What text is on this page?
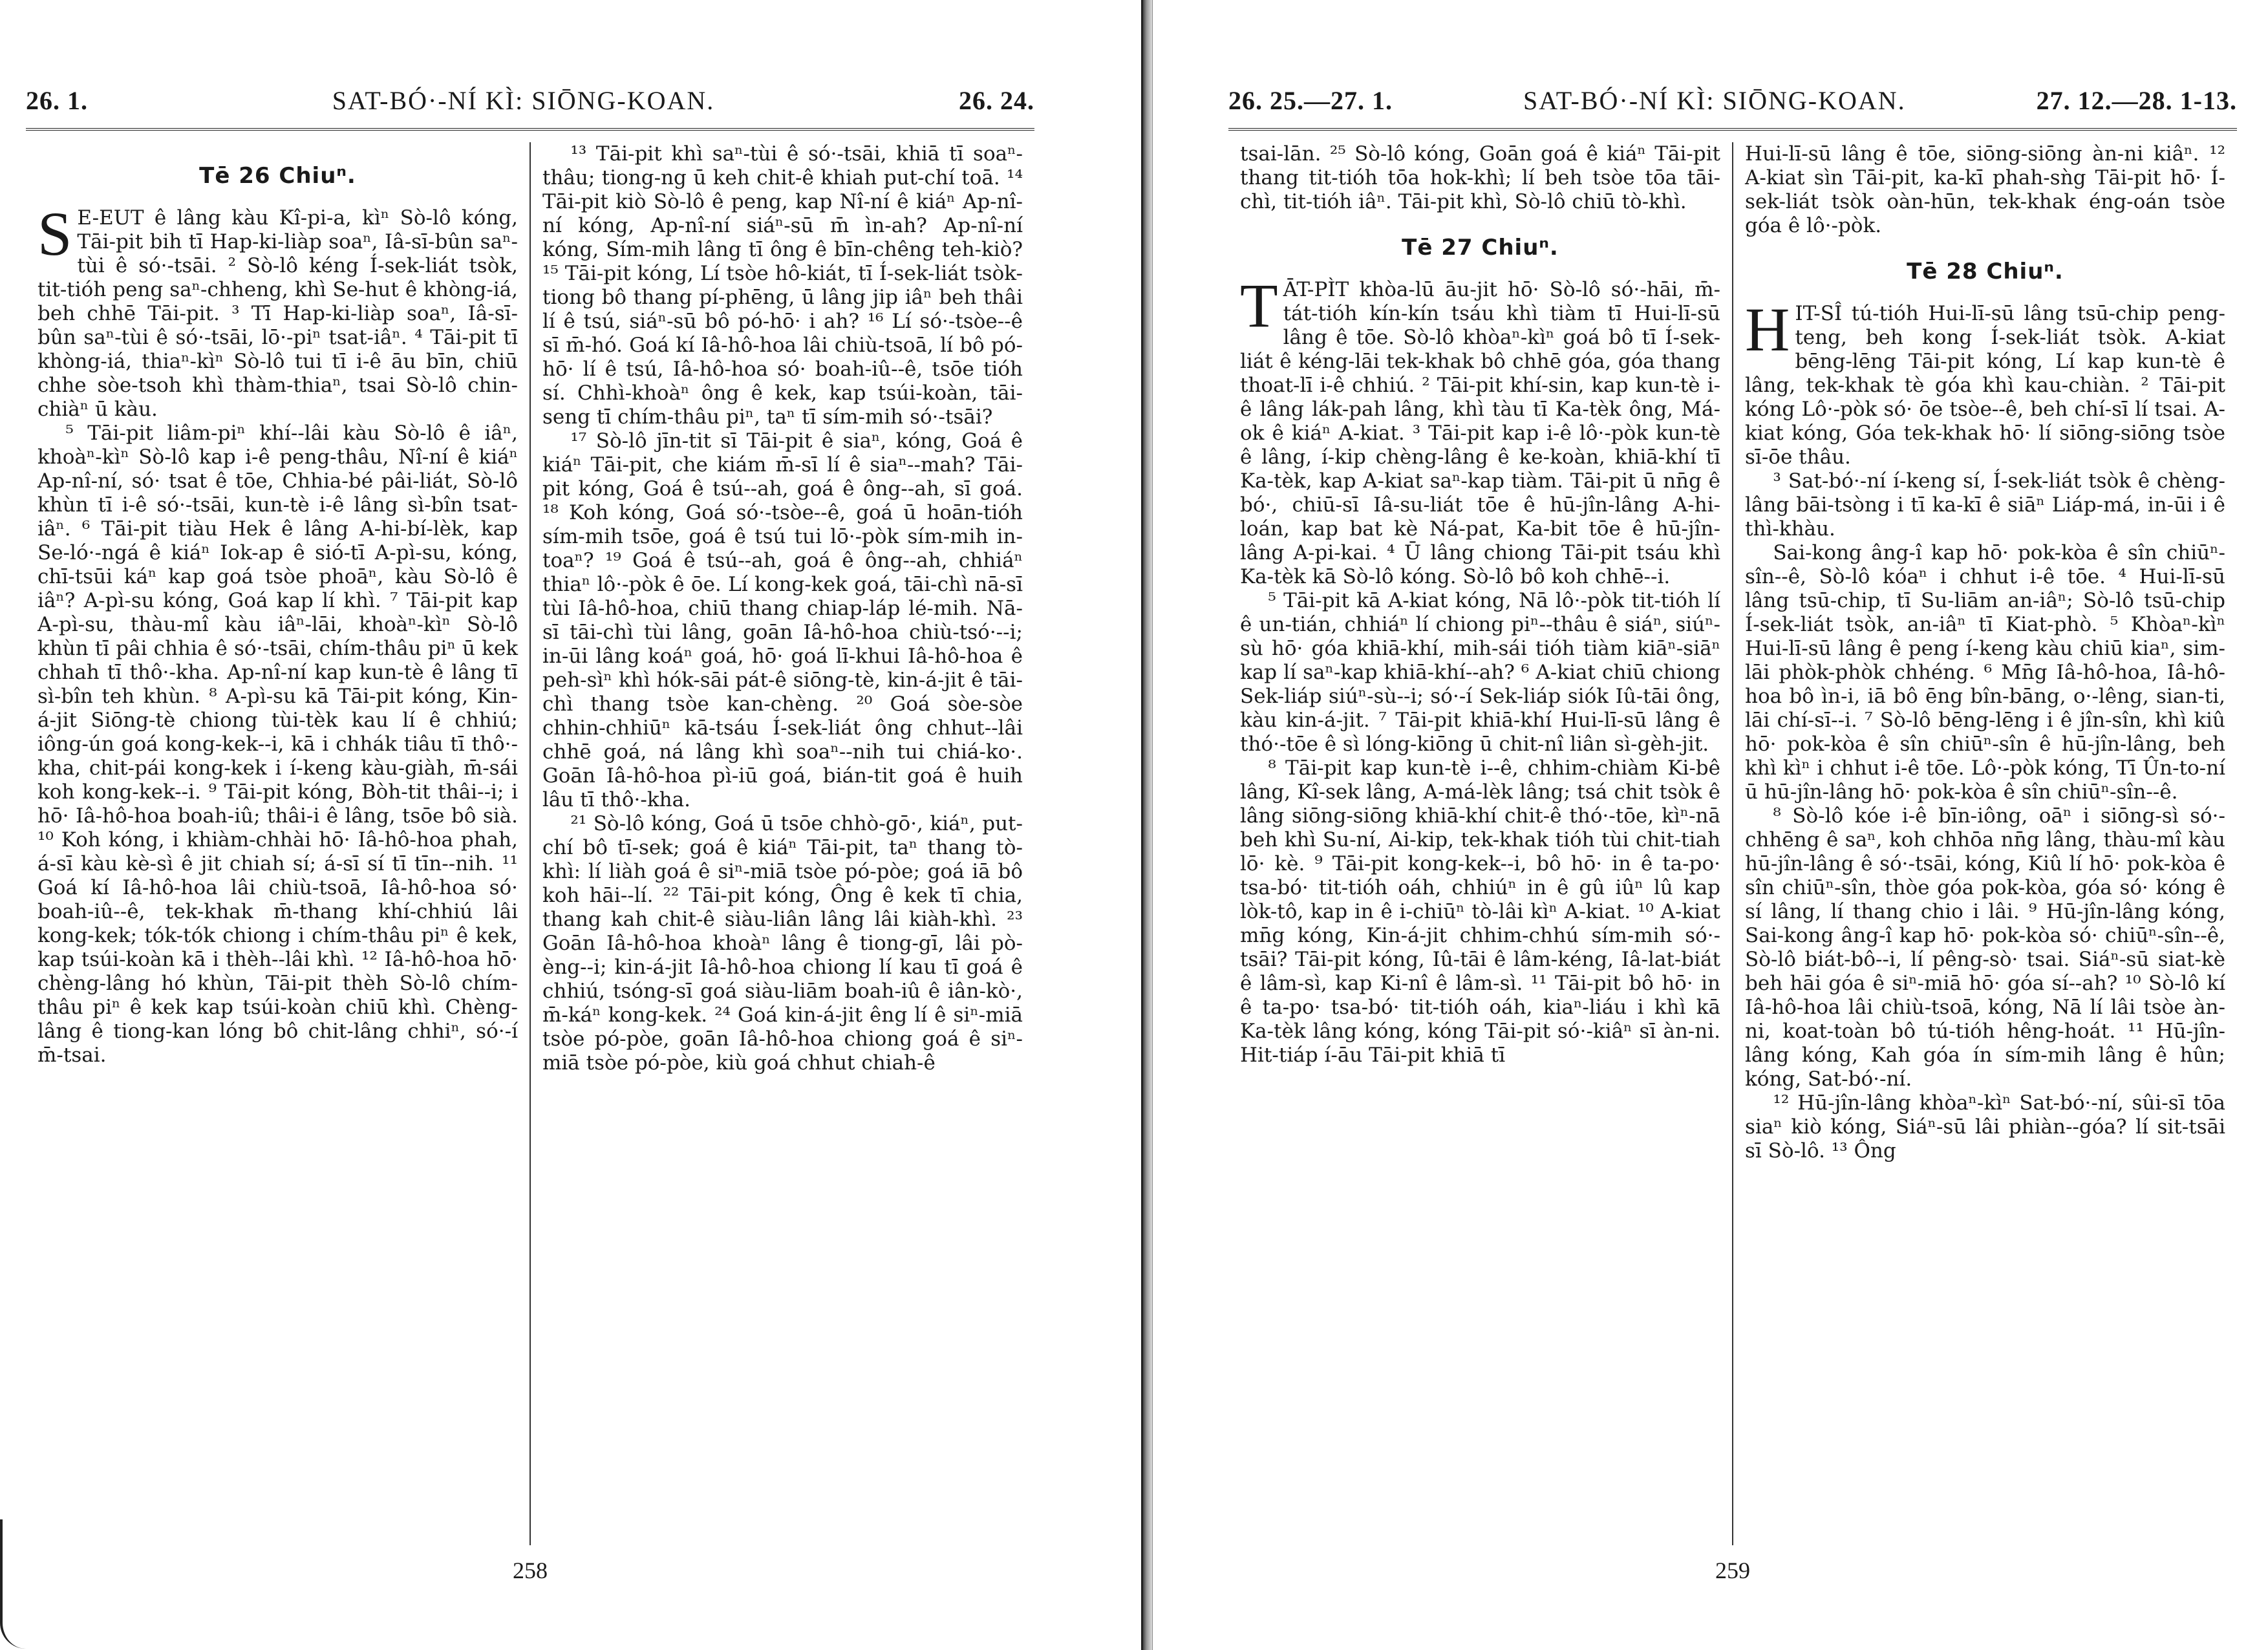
26. 1.	SAT-BÓ·-NÍ KÌ: SIŌNG-KOAN.	26. 24.
Tē 26 Chiuⁿ.

S E-EUT ê lâng kàu Kî-pi-a, kìⁿ Sò-lô kóng, Tāi-pit bih tī Hap-ki-liàp soaⁿ, Iâ-sī-bûn saⁿ-tùi ê só·-tsāi. ² Sò-lô kéng Í-sek-liát tsòk, tit-tióh peng saⁿ-chheng, khì Se-hut ê khòng-iá, beh chhē Tāi-pit. ³ Tī Hap-ki-liàp soaⁿ, Iâ-sī-bûn saⁿ-tùi ê só·-tsāi, lō·-piⁿ tsat-iâⁿ. ⁴ Tāi-pit tī khòng-iá, thiaⁿ-kìⁿ Sò-lô tui tī i-ê āu bīn, chiū chhe sòe-tsoh khì thàm-thiaⁿ, tsai Sò-lô chin-chiàⁿ ū kàu.

⁵ Tāi-pit liâm-piⁿ khí--lâi kàu Sò-lô ê iâⁿ, khoàⁿ-kìⁿ Sò-lô kap i-ê peng-thâu, Nî-ní ê kiáⁿ Ap-nî-ní, só· tsat ê tōe, Chhia-bé pâi-liát, Sò-lô khùn tī i-ê só·-tsāi, kun-tè i-ê lâng sì-bîn tsat-iâⁿ. ⁶ Tāi-pit tiàu Hek ê lâng A-hi-bí-lèk, kap Se-ló·-ngá ê kiáⁿ Iok-ap ê sió-tī A-pì-su, kóng, chī-tsūi káⁿ kap goá tsòe phoāⁿ, kàu Sò-lô ê iâⁿ? A-pì-su kóng, Goá kap lí khì. ⁷ Tāi-pit kap A-pì-su, thàu-mî kàu iâⁿ-lāi, khoàⁿ-kìⁿ Sò-lô khùn tī pâi chhia ê só·-tsāi, chím-thâu piⁿ ū kek chhah tī thô·-kha. Ap-nî-ní kap kun-tè ê lâng tī sì-bîn teh khùn. ⁸ A-pì-su kā Tāi-pit kóng, Kin-á-jit Siōng-tè chiong tùi-tèk kau lí ê chhiú; iông-ún goá kong-kek--i, kā i chhák tiâu tī thô·-kha, chit-pái kong-kek i í-keng kàu-giàh, m̄-sái koh kong-kek--i. ⁹ Tāi-pit kóng, Bòh-tit thâi--i; i hō· Iâ-hô-hoa boah-iû; thâi-i ê lâng, tsōe bô sià. ¹⁰ Koh kóng, i khiàm-chhài hō· Iâ-hô-hoa phah, á-sī kàu kè-sì ê jit chiah sí; á-sī sí tī tīn--nih. ¹¹ Goá kí Iâ-hô-hoa lâi chiù-tsoā, Iâ-hô-hoa só· boah-iû--ê, tek-khak m̄-thang khí-chhiú lâi kong-kek; tók-tók chiong i chím-thâu piⁿ ê kek, kap tsúi-koàn kā i thèh--lâi khì. ¹² Iâ-hô-hoa hō· chèng-lâng hó khùn, Tāi-pit thèh Sò-lô chím-thâu piⁿ ê kek kap tsúi-koàn chiū khì. Chèng-lâng ê tiong-kan lóng bô chit-lâng chhiⁿ, só·-í m̄-tsai.

¹³ Tāi-pit khì saⁿ-tùi ê só·-tsāi, khiā tī soaⁿ-thâu; tiong-ng ū keh chit-ê khiah put-chí toā. ¹⁴ Tāi-pit kiò Sò-lô ê peng, kap Nî-ní ê kiáⁿ Ap-nî-ní kóng, Ap-nî-ní siáⁿ-sū m̄ ìn-ah? Ap-nî-ní kóng, Sím-mih lâng tī ông ê bīn-chêng teh-kiò? ¹⁵ Tāi-pit kóng, Lí tsòe hô-kiát, tī Í-sek-liát tsòk-tiong bô thang pí-phēng, ū lâng jip iâⁿ beh thâi lí ê tsú, siáⁿ-sū bô pó-hō· i ah? ¹⁶ Lí só·-tsòe--ê sī m̄-hó. Goá kí Iâ-hô-hoa lâi chiù-tsoā, lí bô pó-hō· lí ê tsú, Iâ-hô-hoa só· boah-iû--ê, tsōe tióh sí. Chhì-khoàⁿ ông ê kek, kap tsúi-koàn, tāi-seng tī chím-thâu piⁿ, taⁿ tī sím-mih só·-tsāi?

¹⁷ Sò-lô jīn-tit sī Tāi-pit ê siaⁿ, kóng, Goá ê kiáⁿ Tāi-pit, che kiám m̄-sī lí ê siaⁿ--mah? Tāi-pit kóng, Goá ê tsú--ah, goá ê ông--ah, sī goá. ¹⁸ Koh kóng, Goá só·-tsòe--ê, goá ū hoān-tióh sím-mih tsōe, goá ê tsú tui lō·-pòk sím-mih in-toaⁿ? ¹⁹ Goá ê tsú--ah, goá ê ông--ah, chhiáⁿ thiaⁿ lô·-pòk ê ōe. Lí kong-kek goá, tāi-chì nā-sī tùi Iâ-hô-hoa, chiū thang chiap-láp lé-mih. Nā-sī tāi-chì tùi lâng, goān Iâ-hô-hoa chiù-tsó·--i; in-ūi lâng koáⁿ goá, hō· goá lī-khui Iâ-hô-hoa ê peh-sìⁿ khì hók-sāi pát-ê siōng-tè, kin-á-jit ê tāi-chì thang tsòe kan-chèng. ²⁰ Goá sòe-sòe chhin-chhiūⁿ kā-tsáu Í-sek-liát ông chhut--lâi chhē goá, ná lâng khì soaⁿ--nih tui chiá-ko·. Goān Iâ-hô-hoa pì-iū goá, bián-tit goá ê huih lâu tī thô·-kha.

²¹ Sò-lô kóng, Goá ū tsōe chhò-gō·, kiáⁿ, put-chí bô tī-sek; goá ê kiáⁿ Tāi-pit, taⁿ thang tò-khì: lí liàh goá ê siⁿ-miā tsòe pó-pòe; goá iā bô koh hāi--lí. ²² Tāi-pit kóng, Ông ê kek tī chia, thang kah chit-ê siàu-liân lâng lâi kiàh-khì. ²³ Goān Iâ-hô-hoa khoàⁿ lâng ê tiong-gī, lâi pò-èng--i; kin-á-jit Iâ-hô-hoa chiong lí kau tī goá ê chhiú, tsóng-sī goá siàu-liām boah-iû ê iân-kò·, m̄-káⁿ kong-kek. ²⁴ Goá kin-á-jit êng lí ê siⁿ-miā tsòe pó-pòe, goān Iâ-hô-hoa chiong goá ê siⁿ-miā tsòe pó-pòe, kiù goá chhut chiah-ê

258
26. 25.—27. 1.	SAT-BÓ·-NÍ KÌ: SIŌNG-KOAN.	27. 12.—28. 1-13.

tsai-lān. ²⁵ Sò-lô kóng, Goān goá ê kiáⁿ Tāi-pit thang tit-tióh tōa hok-khì; lí beh tsòe tōa tāi-chì, tit-tióh iâⁿ. Tāi-pit khì, Sò-lô chiū tò-khì.

Tē 27 Chiuⁿ.

TĀT-PÌT khòa-lū āu-jit hō· Sò-lô só·-hāi, m̄-tát-tióh kín-kín tsáu khì tiàm tī Hui-lī-sū lâng ê tōe. Sò-lô khòaⁿ-kìⁿ goá bô tī Í-sek-liát ê kéng-lāi tek-khak bô chhē góa, góa thang thoat-lī i-ê chhiú. ² Tāi-pit khí-sin, kap kun-tè i-ê lâng lák-pah lâng, khì tàu tī Ka-tèk ông, Má-ok ê kiáⁿ A-kiat. ³ Tāi-pit kap i-ê lô·-pòk kun-tè ê lâng, í-kip chèng-lâng ê ke-koàn, khiā-khí tī Ka-tèk, kap A-kiat saⁿ-kap tiàm. Tāi-pit ū nn̄g ê bó·, chiū-sī Iâ-su-liát tōe ê hū-jîn-lâng A-hi-loán, kap bat kè Ná-pat, Ka-bit tōe ê hū-jîn-lâng A-pi-kai. ⁴ Ū lâng chiong Tāi-pit tsáu khì Ka-tèk kā Sò-lô kóng. Sò-lô bô koh chhē--i.

⁵ Tāi-pit kā A-kiat kóng, Nā lô·-pòk tit-tióh lí ê un-tián, chhiáⁿ lí chiong piⁿ--thâu ê siáⁿ, siúⁿ-sù hō· góa khiā-khí, mih-sái tióh tiàm kiāⁿ-siāⁿ kap lí saⁿ-kap khiā-khí--ah? ⁶ A-kiat chiū chiong Sek-liáp siúⁿ-sù--i; só·-í Sek-liáp siók Iû-tāi ông, kàu kin-á-jit. ⁷ Tāi-pit khiā-khí Hui-lī-sū lâng ê thó·-tōe ê sì lóng-kiōng ū chit-nî liân sì-gèh-jit.

⁸ Tāi-pit kap kun-tè i--ê, chhim-chiàm Ki-bê lâng, Kî-sek lâng, A-má-lèk lâng; tsá chit tsòk ê lâng siōng-siōng khiā-khí chit-ê thó·-tōe, kìⁿ-nā beh khì Su-ní, Ai-kip, tek-khak tióh tùi chit-tiah lō· kè. ⁹ Tāi-pit kong-kek--i, bô hō· in ê ta-po· tsa-bó· tit-tióh oáh, chhiúⁿ in ê gû iûⁿ lû kap lòk-tô, kap in ê i-chiūⁿ tò-lâi kìⁿ A-kiat. ¹⁰ A-kiat mn̄g kóng, Kin-á-jit chhim-chhú sím-mih só·-tsāi? Tāi-pit kóng, Iû-tāi ê lâm-kéng, Iâ-lat-biát ê lâm-sì, kap Ki-nî ê lâm-sì. ¹¹ Tāi-pit bô hō· in ê ta-po· tsa-bó· tit-tióh oáh, kiaⁿ-liáu i khì kā Ka-tèk lâng kóng, kóng Tāi-pit só·-kiâⁿ sī àn-ni. Hit-tiáp í-āu Tāi-pit khiā tī

Hui-lī-sū lâng ê tōe, siōng-siōng àn-ni kiâⁿ. ¹² A-kiat sìn Tāi-pit, ka-kī phah-sǹg Tāi-pit hō· Í-sek-liát tsòk oàn-hūn, tek-khak éng-oán tsòe góa ê lô·-pòk.

Tē 28 Chiuⁿ.

HIT-SÎ tú-tióh Hui-lī-sū lâng tsū-chip peng-teng, beh kong Í-sek-liát tsòk. A-kiat bēng-lēng Tāi-pit kóng, Lí kap kun-tè ê lâng, tek-khak tè góa khì kau-chiàn. ² Tāi-pit kóng Lô·-pòk só· ōe tsòe--ê, beh chí-sī lí tsai. A-kiat kóng, Góa tek-khak hō· lí siōng-siōng tsòe sī-ōe thâu.

³ Sat-bó·-ní í-keng sí, Í-sek-liát tsòk ê chèng-lâng bāi-tsòng i tī ka-kī ê siāⁿ Liáp-má, in-ūi i ê thì-khàu.

Sai-kong âng-î kap hō· pok-kòa ê sîn chiūⁿ-sîn--ê, Sò-lô kóaⁿ i chhut i-ê tōe. ⁴ Hui-lī-sū lâng tsū-chip, tī Su-liām an-iâⁿ; Sò-lô tsū-chip Í-sek-liát tsòk, an-iâⁿ tī Kiat-phò. ⁵ Khòaⁿ-kìⁿ Hui-lī-sū lâng ê peng í-keng kàu chiū kiaⁿ, sim-lāi phòk-phòk chhéng. ⁶ Mn̄g Iâ-hô-hoa, Iâ-hô-hoa bô ìn-i, iā bô ēng bîn-bāng, o·-lêng, sian-ti, lāi chí-sī--i. ⁷ Sò-lô bēng-lēng i ê jîn-sîn, khì kiû hō· pok-kòa ê sîn chiūⁿ-sîn ê hū-jîn-lâng, beh khì kìⁿ i chhut i-ê tōe. Lô·-pòk kóng, Tī Ûn-to-ní ū hū-jîn-lâng hō· pok-kòa ê sîn chiūⁿ-sîn--ê.

⁸ Sò-lô kóe i-ê bīn-iông, oāⁿ i siōng-sì só·-chhēng ê saⁿ, koh chhōa nn̄g lâng, thàu-mî kàu hū-jîn-lâng ê só·-tsāi, kóng, Kiû lí hō· pok-kòa ê sîn chiūⁿ-sîn, thòe góa pok-kòa, góa só· kóng ê sí lâng, lí thang chio i lâi. ⁹ Hū-jîn-lâng kóng, Sai-kong âng-î kap hō· pok-kòa só· chiūⁿ-sîn--ê, Sò-lô biát-bô--i, lí pêng-sò· tsai. Siáⁿ-sū siat-kè beh hāi góa ê siⁿ-miā hō· góa sí--ah? ¹⁰ Sò-lô kí Iâ-hô-hoa lâi chiù-tsoā, kóng, Nā lí lâi tsòe àn-ni, koat-toàn bô tú-tióh hêng-hoát. ¹¹ Hū-jîn-lâng kóng, Kah góa ín sím-mih lâng ê hûn; kóng, Sat-bó·-ní.

¹² Hū-jîn-lâng khòaⁿ-kìⁿ Sat-bó·-ní, sûi-sī tōa siaⁿ kiò kóng, Siáⁿ-sū lâi phiàn--góa? lí sit-tsāi sī Sò-lô. ¹³ Ông

259
